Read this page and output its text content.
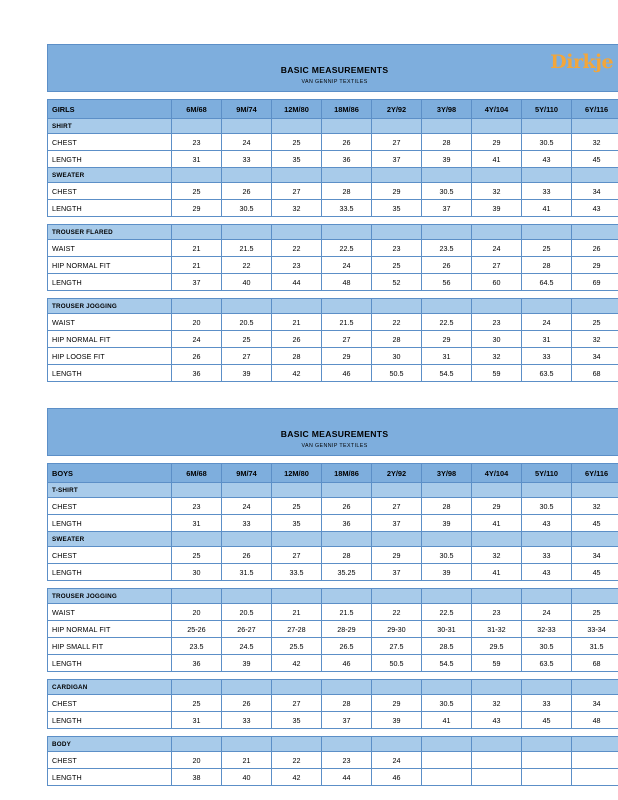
BASIC MEASUREMENTS
VAN GENNIP TEXTILES
Dirkje									

GIRLS	6M/68	9M/74	12M/80	18M/86	2Y/92	3Y/98	4Y/104	5Y/110	6Y/116
SHIRT									
CHEST	23	24	25	26	27	28	29	30.5	32
LENGTH	31	33	35	36	37	39	41	43	45
SWEATER									
CHEST	25	26	27	28	29	30.5	32	33	34
LENGTH	29	30.5	32	33.5	35	37	39	41	43

TROUSER FLARED									
WAIST	21	21.5	22	22.5	23	23.5	24	25	26
HIP NORMAL FIT	21	22	23	24	25	26	27	28	29
LENGTH	37	40	44	48	52	56	60	64.5	69

TROUSER JOGGING									
WAIST	20	20.5	21	21.5	22	22.5	23	24	25
HIP NORMAL FIT	24	25	26	27	28	29	30	31	32
HIP LOOSE FIT	26	27	28	29	30	31	32	33	34
LENGTH	36	39	42	46	50.5	54.5	59	63.5	68
BASIC MEASUREMENTS
VAN GENNIP TEXTILES									

BOYS	6M/68	9M/74	12M/80	18M/86	2Y/92	3Y/98	4Y/104	5Y/110	6Y/116
T-SHIRT									
CHEST	23	24	25	26	27	28	29	30.5	32
LENGTH	31	33	35	36	37	39	41	43	45
SWEATER									
CHEST	25	26	27	28	29	30.5	32	33	34
LENGTH	30	31.5	33.5	35.25	37	39	41	43	45

TROUSER JOGGING									
WAIST	20	20.5	21	21.5	22	22.5	23	24	25
HIP NORMAL FIT	25-26	26-27	27-28	28-29	29-30	30-31	31-32	32-33	33-34
HIP SMALL FIT	23.5	24.5	25.5	26.5	27.5	28.5	29.5	30.5	31.5
LENGTH	36	39	42	46	50.5	54.5	59	63.5	68

CARDIGAN									
CHEST	25	26	27	28	29	30.5	32	33	34
LENGTH	31	33	35	37	39	41	43	45	48

BODY									
CHEST	20	21	22	23	24				
LENGTH	38	40	42	44	46				
